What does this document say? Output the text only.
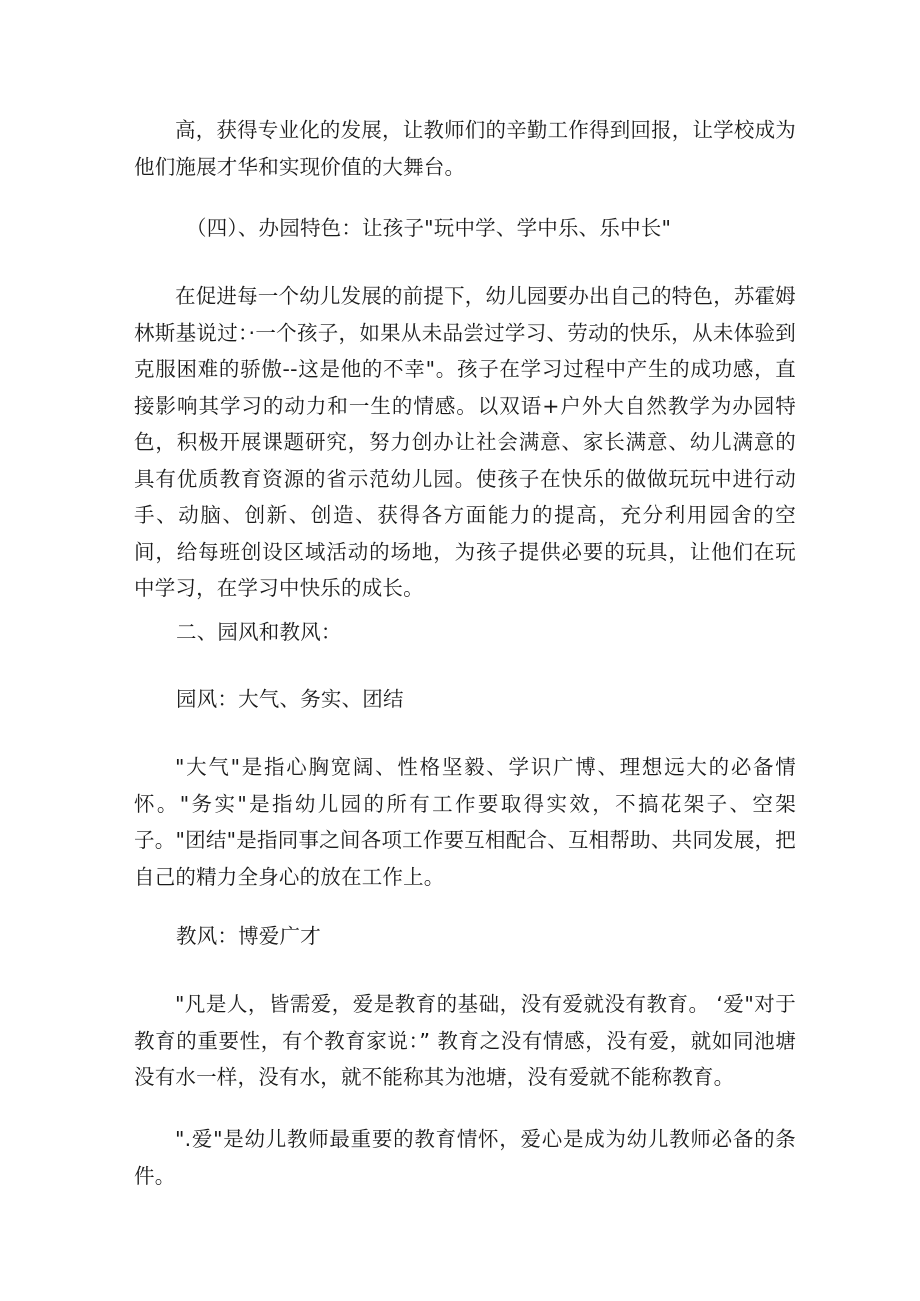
高，获得专业化的发展，让教师们的辛勤工作得到回报，让学校成为他们施展才华和实现价值的大舞台。

（四）、办园特色：让孩子"玩中学、学中乐、乐中长"

在促进每一个幼儿发展的前提下，幼儿园要办出自己的特色，苏霍姆林斯基说过：·一个孩子，如果从未品尝过学习、劳动的快乐，从未体验到克服困难的骄傲--这是他的不幸"。孩子在学习过程中产生的成功感，直接影响其学习的动力和一生的情感。以双语+户外大自然教学为办园特色，积极开展课题研究，努力创办让社会满意、家长满意、幼儿满意的具有优质教育资源的省示范幼儿园。使孩子在快乐的做做玩玩中进行动手、动脑、创新、创造、获得各方面能力的提高，充分利用园舍的空间，给每班创设区域活动的场地，为孩子提供必要的玩具，让他们在玩中学习，在学习中快乐的成长。

二、园风和教风：

园风：大气、务实、团结

"大气"是指心胸宽阔、性格坚毅、学识广博、理想远大的必备情怀。"务实"是指幼儿园的所有工作要取得实效，不搞花架子、空架子。"团结"是指同事之间各项工作要互相配合、互相帮助、共同发展，把自己的精力全身心的放在工作上。

教风：博爱广才

"凡是人，皆需爱，爱是教育的基础，没有爱就没有教育。 ‘爱"对于教育的重要性，有个教育家说：” 教育之没有情感，没有爱，就如同池塘没有水一样，没有水，就不能称其为池塘，没有爱就不能称教育。

".爱"是幼儿教师最重要的教育情怀，爱心是成为幼儿教师必备的条件。
